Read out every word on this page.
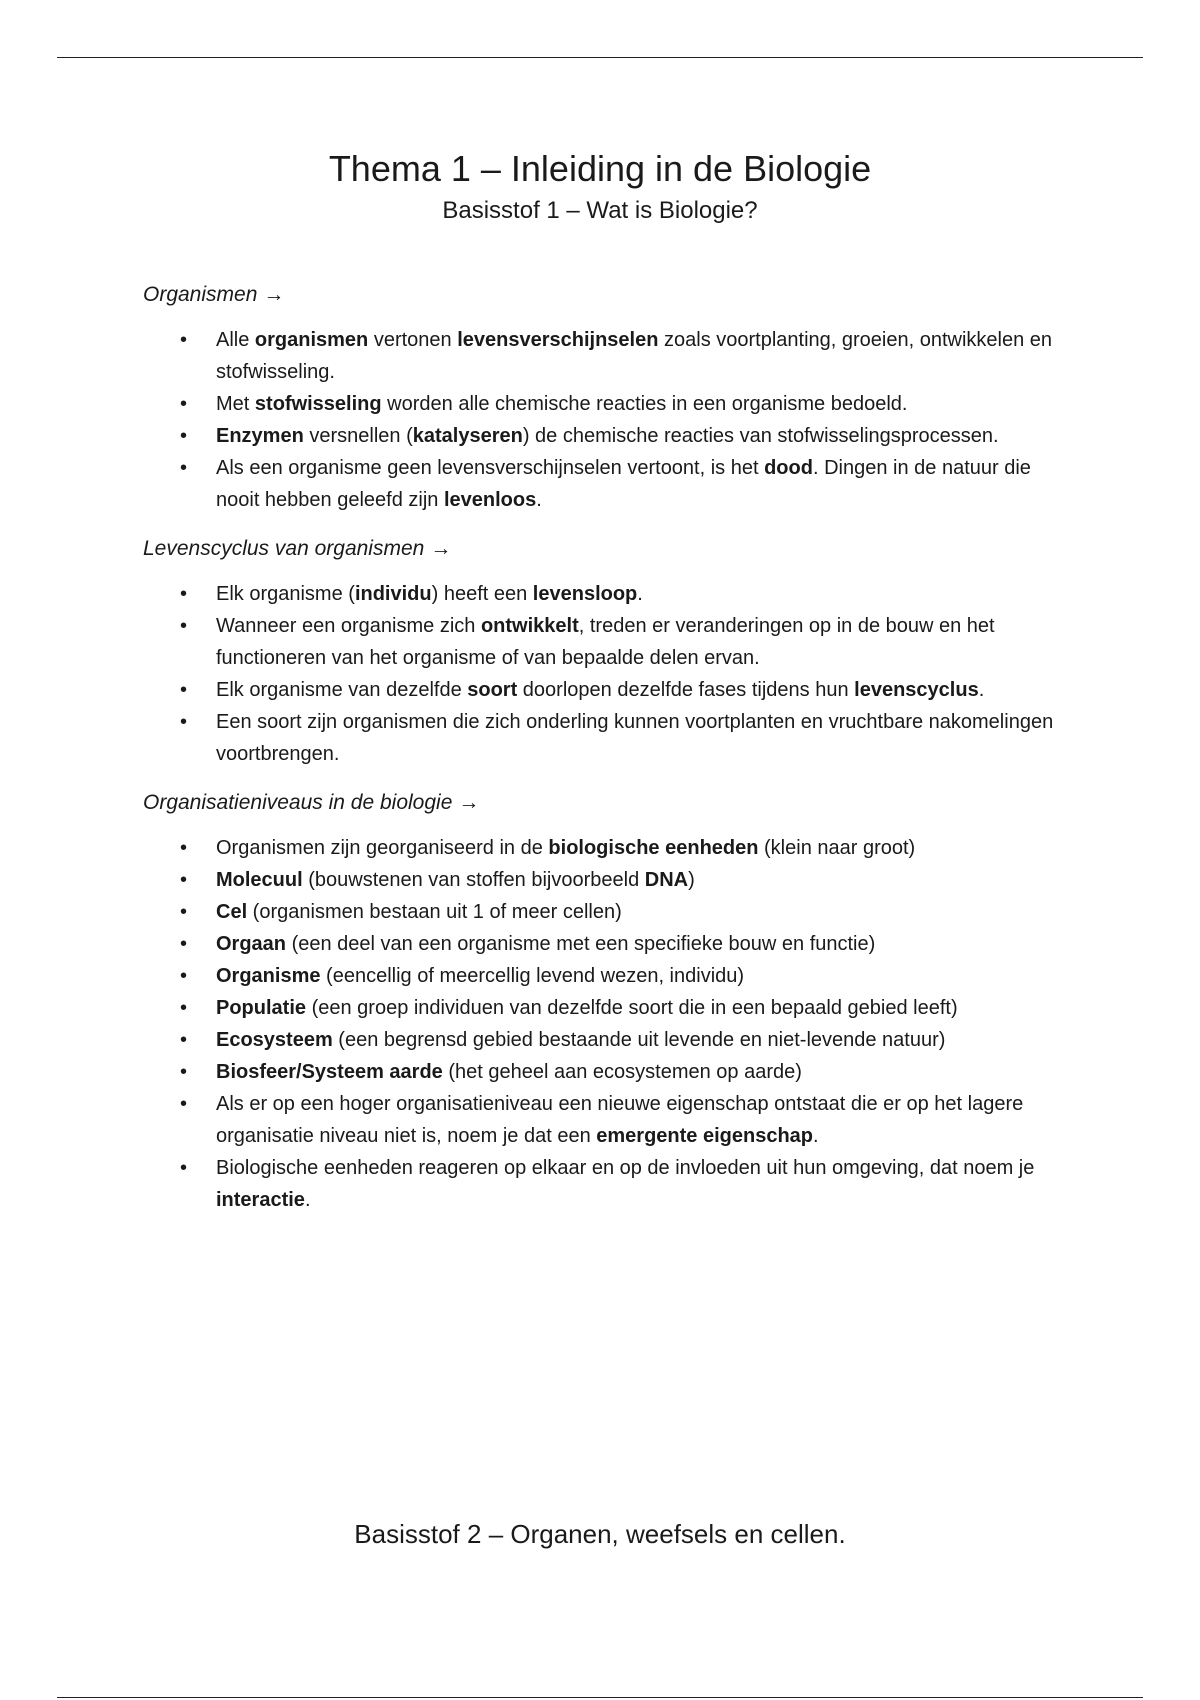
Thema 1 – Inleiding in de Biologie
Basisstof 1 – Wat is Biologie?
Organismen →
• Alle organismen vertonen levensverschijnselen zoals voortplanting, groeien, ontwikkelen en stofwisseling.
• Met stofwisseling worden alle chemische reacties in een organisme bedoeld.
• Enzymen versnellen (katalyseren) de chemische reacties van stofwisselingsprocessen.
• Als een organisme geen levensverschijnselen vertoont, is het dood. Dingen in de natuur die nooit hebben geleefd zijn levenloos.
Levenscyclus van organismen →
• Elk organisme (individu) heeft een levensloop.
• Wanneer een organisme zich ontwikkelt, treden er veranderingen op in de bouw en het functioneren van het organisme of van bepaalde delen ervan.
• Elk organisme van dezelfde soort doorlopen dezelfde fases tijdens hun levenscyclus.
• Een soort zijn organismen die zich onderling kunnen voortplanten en vruchtbare nakomelingen voortbrengen.
Organisatieniveaus in de biologie →
• Organismen zijn georganiseerd in de biologische eenheden (klein naar groot)
• Molecuul (bouwstenen van stoffen bijvoorbeeld DNA)
• Cel (organismen bestaan uit 1 of meer cellen)
• Orgaan (een deel van een organisme met een specifieke bouw en functie)
• Organisme (eencellig of meercellig levend wezen, individu)
• Populatie (een groep individuen van dezelfde soort die in een bepaald gebied leeft)
• Ecosysteem (een begrensd gebied bestaande uit levende en niet-levende natuur)
• Biosfeer/Systeem aarde (het geheel aan ecosystemen op aarde)
• Als er op een hoger organisatieniveau een nieuwe eigenschap ontstaat die er op het lagere organisatie niveau niet is, noem je dat een emergente eigenschap.
• Biologische eenheden reageren op elkaar en op de invloeden uit hun omgeving, dat noem je interactie.
Basisstof 2 – Organen, weefsels en cellen.
